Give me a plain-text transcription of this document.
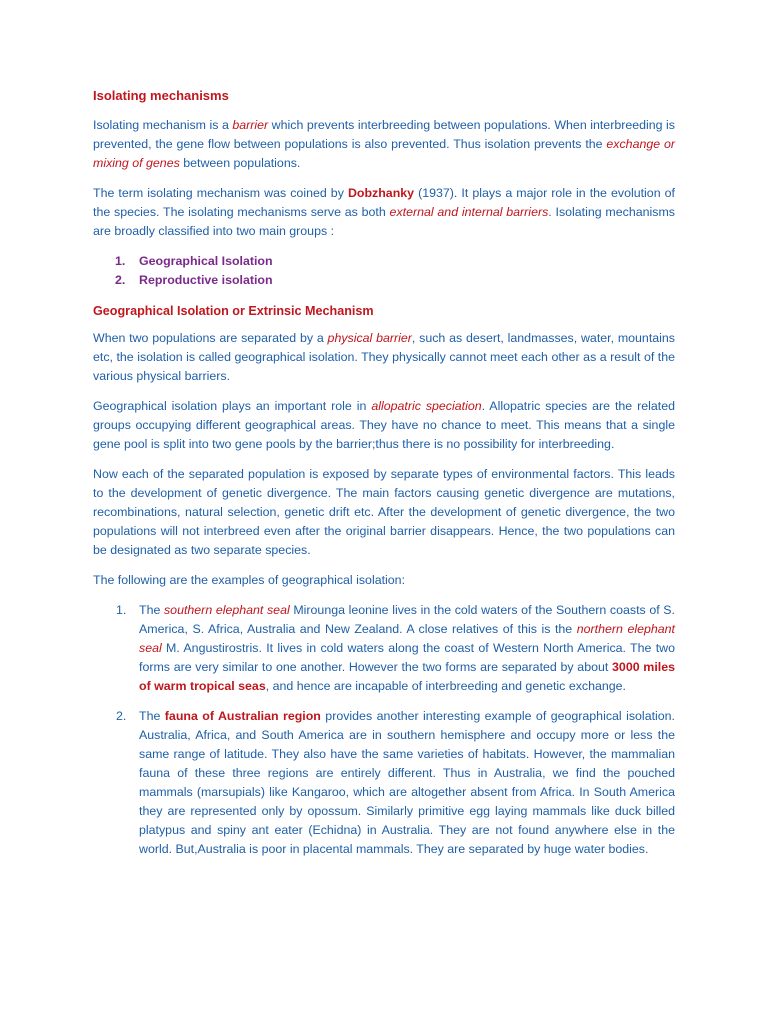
Isolating mechanisms

Isolating mechanism is a barrier which prevents interbreeding between populations. When interbreeding is prevented, the gene flow between populations is also prevented. Thus isolation prevents the exchange or mixing of genes between populations.

The term isolating mechanism was coined by Dobzhanky (1937). It plays a major role in the evolution of the species. The isolating mechanisms serve as both external and internal barriers. Isolating mechanisms are broadly classified into two main groups :

1. Geographical Isolation
2. Reproductive isolation
Geographical Isolation or Extrinsic Mechanism

When two populations are separated by a physical barrier, such as desert, landmasses, water, mountains etc, the isolation is called geographical isolation. They physically cannot meet each other as a result of the various physical barriers.

Geographical isolation plays an important role in allopatric speciation. Allopatric species are the related groups occupying different geographical areas. They have no chance to meet. This means that a single gene pool is split into two gene pools by the barrier;thus there is no possibility for interbreeding.

Now each of the separated population is exposed by separate types of environmental factors. This leads to the development of genetic divergence. The main factors causing genetic divergence are mutations, recombinations, natural selection, genetic drift etc. After the development of genetic divergence, the two populations will not interbreed even after the original barrier disappears. Hence, the two populations can be designated as two separate species.

The following are the examples of geographical isolation:

1. The southern elephant seal Mirounga leonine lives in the cold waters of the Southern coasts of S. America, S. Africa, Australia and New Zealand. A close relatives of this is the northern elephant seal M. Angustirostris. It lives in cold waters along the coast of Western North America. The two forms are very similar to one another. However the two forms are separated by about 3000 miles of warm tropical seas, and hence are incapable of interbreeding and genetic exchange.
2. The fauna of Australian region provides another interesting example of geographical isolation. Australia, Africa, and South America are in southern hemisphere and occupy more or less the same range of latitude. They also have the same varieties of habitats. However, the mammalian fauna of these three regions are entirely different. Thus in Australia, we find the pouched mammals (marsupials) like Kangaroo, which are altogether absent from Africa. In South America they are represented only by opossum. Similarly primitive egg laying mammals like duck billed platypus and spiny ant eater (Echidna) in Australia. They are not found anywhere else in the world. But,Australia is poor in placental mammals. They are separated by huge water bodies.
